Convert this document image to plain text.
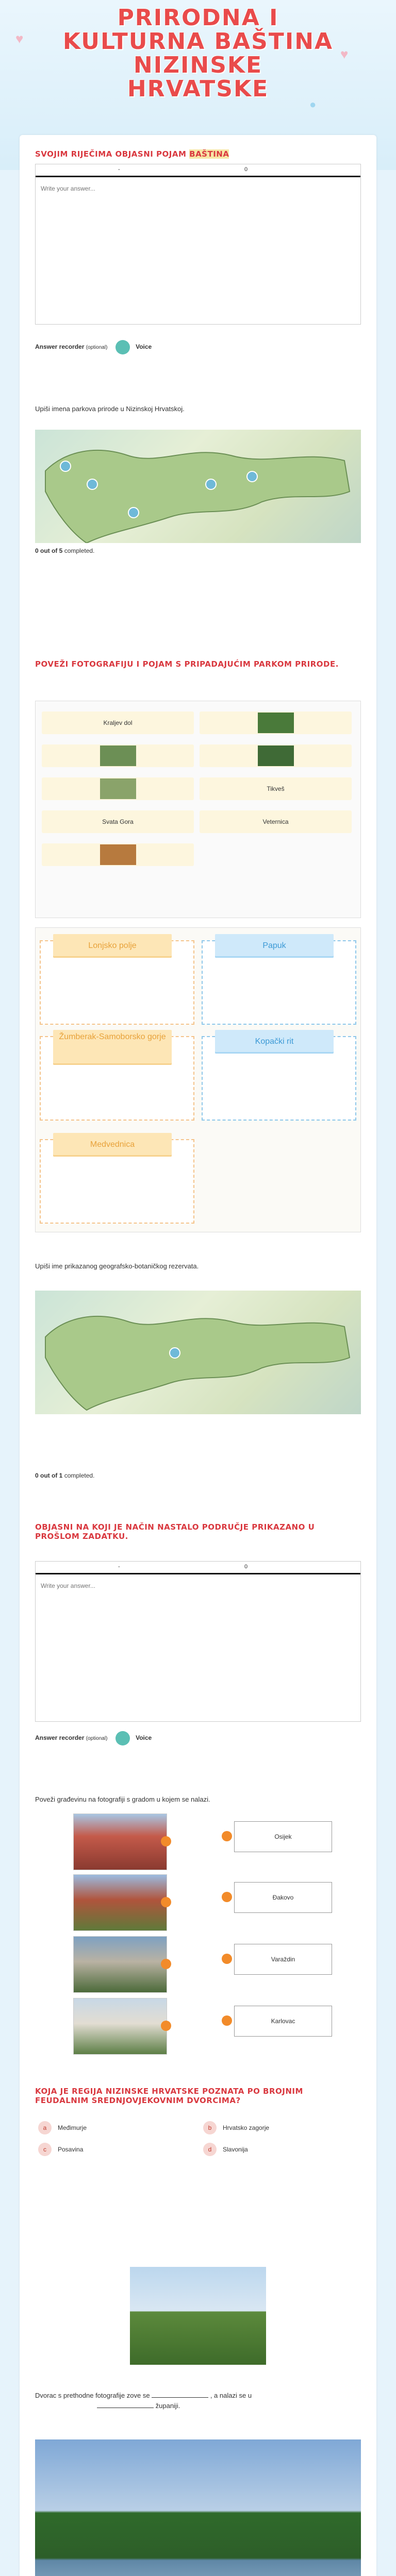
♥
♥
●
PRIRODNA I
KULTURNA BAŠTINA
NIZINSKE
HRVATSKE
SVOJIM RIJEČIMA OBJASNI POJAM BAŠTINA
-	0
Write your answer...
Answer recorder (optional)	Voice
Upiši imena parkova prirode u Nizinskoj Hrvatskoj.
0 out of 5 completed.
POVEŽI FOTOGRAFIJU I POJAM S PRIPADAJUĆIM PARKOM PRIRODE.
Kraljev dol
Tikveš
Svata Gora	Veternica
Lonjsko polje	Papuk
Žumberak-Samoborsko gorje
Kopački rit
Medvednica
Upiši ime prikazanog geografsko-botaničkog rezervata.
0 out of 1 completed.
OBJASNI NA KOJI JE NAČIN NASTALO PODRUČJE PRIKAZANO U PROŠLOM ZADATKU.
-	0
Write your answer...
Answer recorder (optional)	Voice
Poveži građevinu na fotografiji s gradom u kojem se nalazi.
Osijek
Đakovo
Varaždin
Karlovac
KOJA JE REGIJA NIZINSKE HRVATSKE POZNATA PO BROJNIM FEUDALNIM SREDNJOVJEKOVNIM DVORCIMA?
a Međimurje	b Hrvatsko zagorje
c Posavina	d Slavonija
Dvorac s prethodne fotografije zove se	, a nalazi se u
županiji.
